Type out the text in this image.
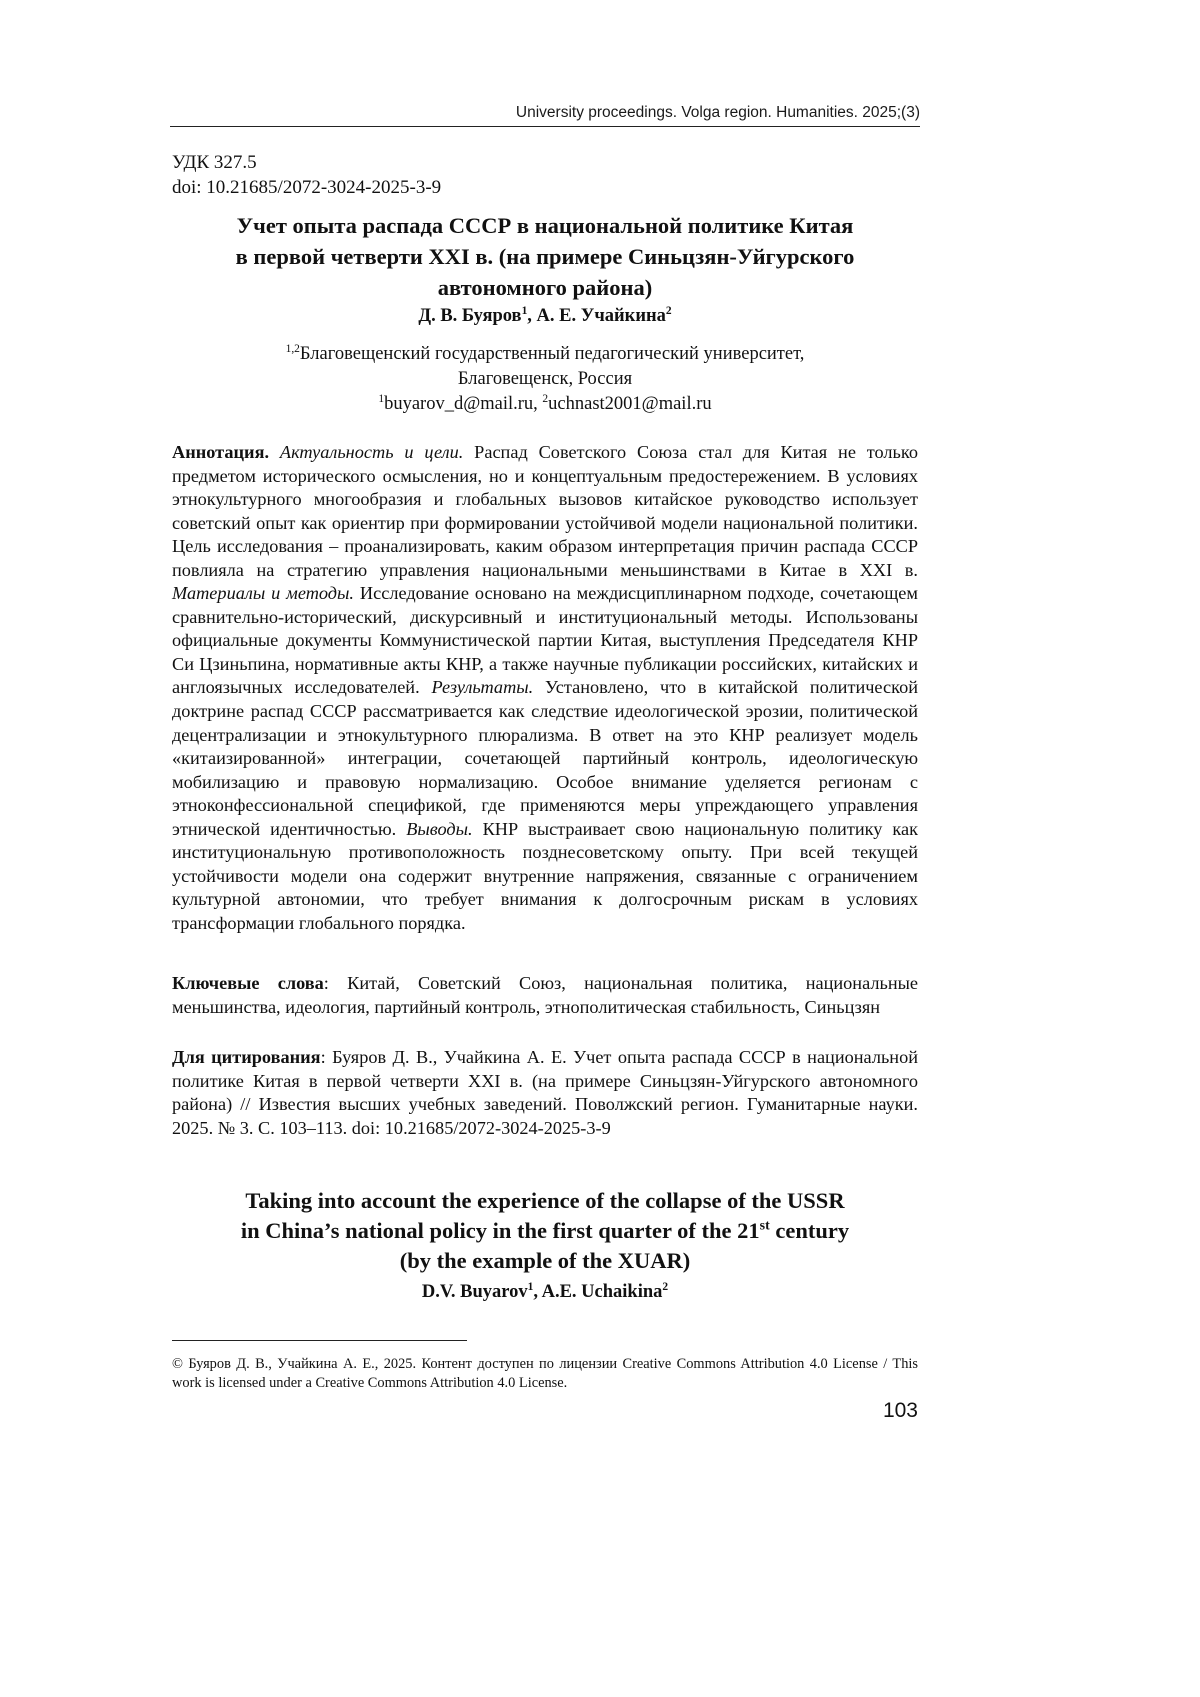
University proceedings. Volga region. Humanities. 2025;(3)
УДК 327.5
doi: 10.21685/2072-3024-2025-3-9
Учет опыта распада СССР в национальной политике Китая
в первой четверти XXI в. (на примере Синьцзян-Уйгурского
автономного района)
Д. В. Буяров$^1$, А. Е. Учайкина$^2$
$^{1,2}$Благовещенский государственный педагогический университет,
Благовещенск, Россия
$^1$buyarov_d@mail.ru, $^2$uchnast2001@mail.ru
Аннотация. Актуальность и цели. Распад Советского Союза стал для Китая не только предметом исторического осмысления, но и концептуальным предостережением. В условиях этнокультурного многообразия и глобальных вызовов китайское руководство использует советский опыт как ориентир при формировании устойчивой модели национальной политики. Цель исследования – проанализировать, каким образом интерпретация причин распада СССР повлияла на стратегию управления национальными меньшинствами в Китае в XXI в. Материалы и методы. Исследование основано на междисциплинарном подходе, сочетающем сравнительно-исторический, дискурсивный и институциональный методы. Использованы официальные документы Коммунистической партии Китая, выступления Председателя КНР Си Цзиньпина, нормативные акты КНР, а также научные публикации российских, китайских и англоязычных исследователей. Результаты. Установлено, что в китайской политической доктрине распад СССР рассматривается как следствие идеологической эрозии, политической децентрализации и этнокультурного плюрализма. В ответ на это КНР реализует модель «китаизированной» интеграции, сочетающей партийный контроль, идеологическую мобилизацию и правовую нормализацию. Особое внимание уделяется регионам с этноконфессиональной спецификой, где применяются меры упреждающего управления этнической идентичностью. Выводы. КНР выстраивает свою национальную политику как институциональную противоположность позднесоветскому опыту. При всей текущей устойчивости модели она содержит внутренние напряжения, связанные с ограничением культурной автономии, что требует внимания к долгосрочным рискам в условиях трансформации глобального порядка.
Ключевые слова: Китай, Советский Союз, национальная политика, национальные меньшинства, идеология, партийный контроль, этнополитическая стабильность, Синьцзян
Для цитирования: Буяров Д. В., Учайкина А. Е. Учет опыта распада СССР в национальной политике Китая в первой четверти XXI в. (на примере Синьцзян-Уйгурского автономного района) // Известия высших учебных заведений. Поволжский регион. Гуманитарные науки. 2025. № 3. С. 103–113. doi: 10.21685/2072-3024-2025-3-9
Taking into account the experience of the collapse of the USSR
in China’s national policy in the first quarter of the 21st century
(by the example of the XUAR)
D.V. Buyarov$^1$, A.E. Uchaikina$^2$
© Буяров Д. В., Учайкина А. Е., 2025. Контент доступен по лицензии Creative Commons Attribution 4.0 License / This work is licensed under a Creative Commons Attribution 4.0 License.
103
